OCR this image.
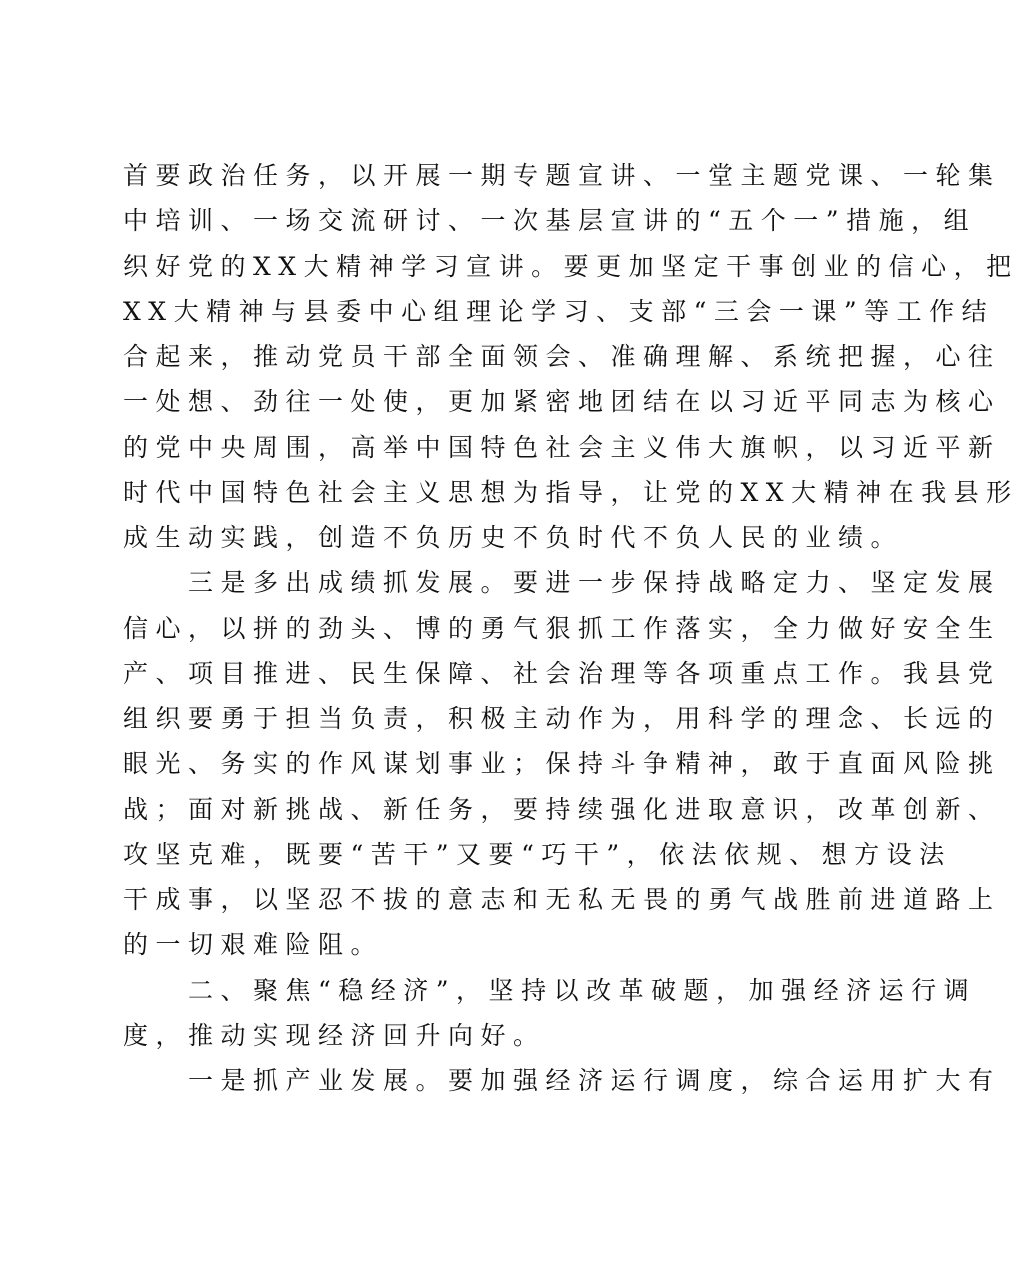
首要政治任务，以开展一期专题宣讲、一堂主题党课、一轮集
中培训、一场交流研讨、一次基层宣讲的“五个一”措施，组
织好党的XX大精神学习宣讲。要更加坚定干事创业的信心，把
XX大精神与县委中心组理论学习、支部“三会一课”等工作结
合起来，推动党员干部全面领会、准确理解、系统把握，心往
一处想、劲往一处使，更加紧密地团结在以习近平同志为核心
的党中央周围，高举中国特色社会主义伟大旗帜，以习近平新
时代中国特色社会主义思想为指导，让党的XX大精神在我县形
成生动实践，创造不负历史不负时代不负人民的业绩。
　　三是多出成绩抓发展。要进一步保持战略定力、坚定发展
信心，以拼的劲头、博的勇气狠抓工作落实，全力做好安全生
产、项目推进、民生保障、社会治理等各项重点工作。我县党
组织要勇于担当负责，积极主动作为，用科学的理念、长远的
眼光、务实的作风谋划事业；保持斗争精神，敢于直面风险挑
战；面对新挑战、新任务，要持续强化进取意识，改革创新、
攻坚克难，既要“苦干”又要“巧干”，依法依规、想方设法
干成事，以坚忍不拔的意志和无私无畏的勇气战胜前进道路上
的一切艰难险阻。
　　二、聚焦“稳经济”，坚持以改革破题，加强经济运行调
度，推动实现经济回升向好。
　　一是抓产业发展。要加强经济运行调度，综合运用扩大有
